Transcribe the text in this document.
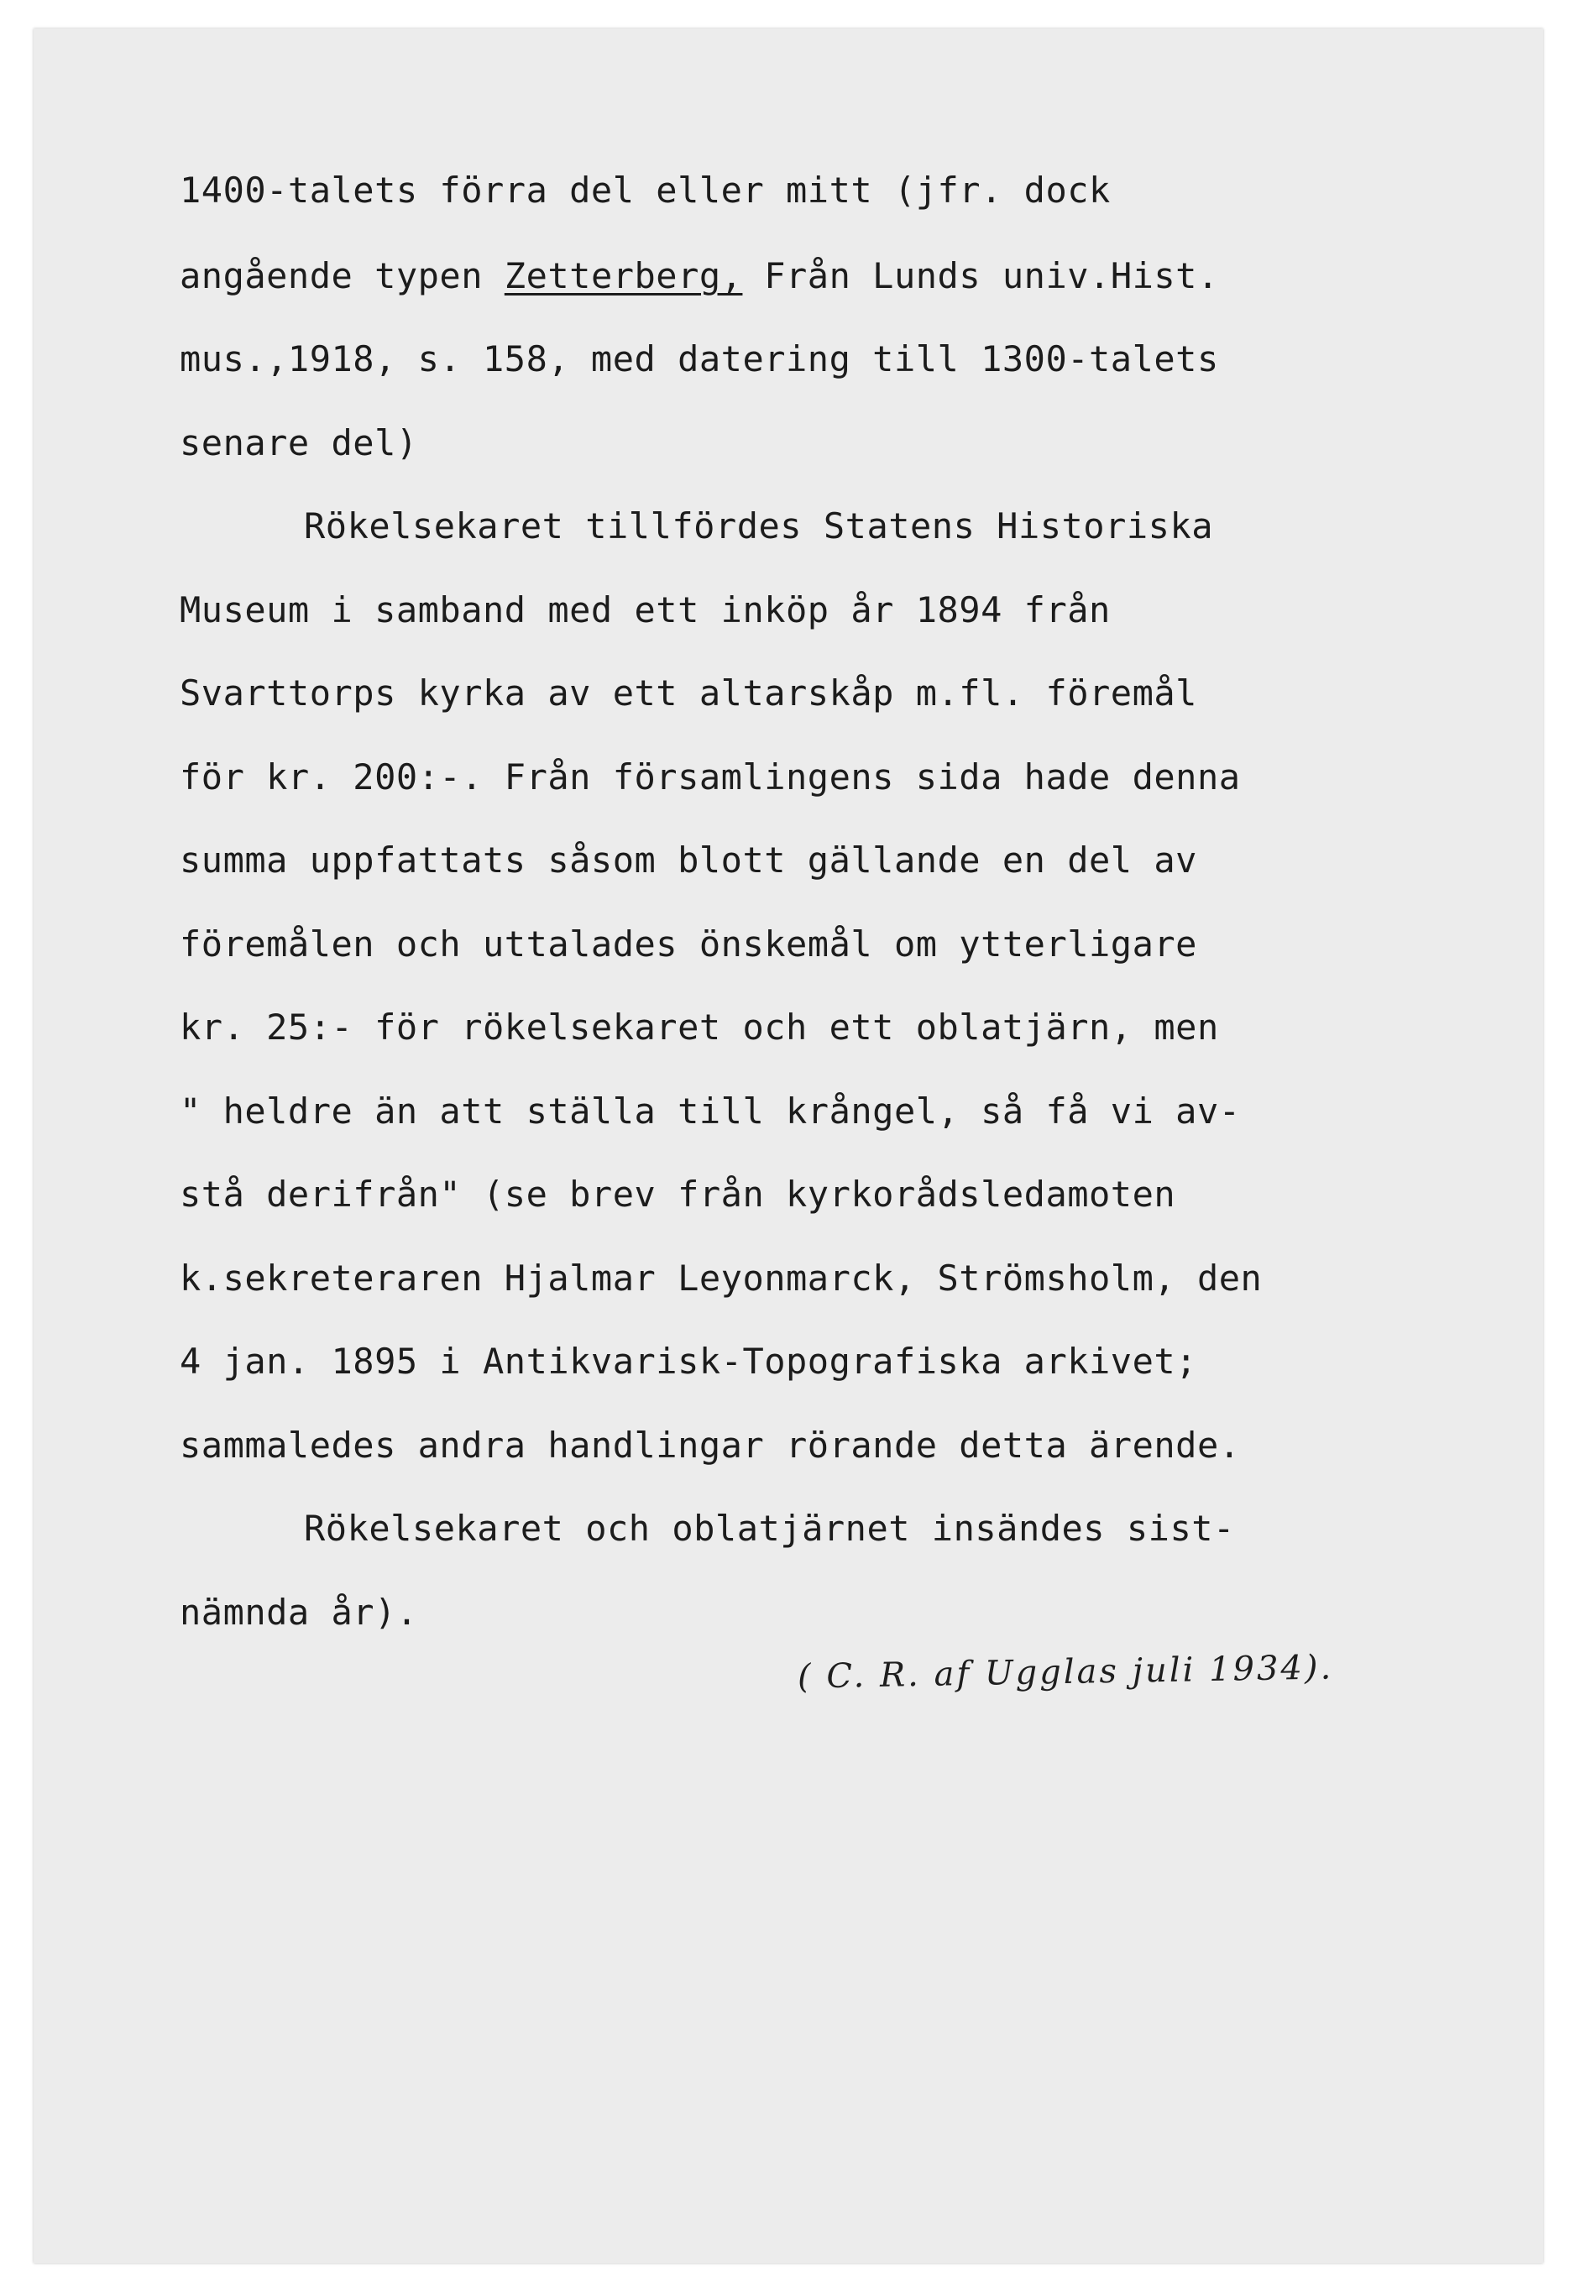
1400-talets förra del eller mitt (jfr. dock
angående typen Zetterberg, Från Lunds univ.Hist.
mus.,1918, s. 158, med datering till 1300-talets
senare del)
Rökelsekaret tillfördes Statens Historiska
Museum i samband med ett inköp år 1894 från
Svarttorps kyrka av ett altarskåp m.fl. föremål
för kr. 200:-. Från församlingens sida hade denna
summa uppfattats såsom blott gällande en del av
föremålen och uttalades önskemål om ytterligare
kr. 25:- för rökelsekaret och ett oblatjärn, men
" heldre än att ställa till krångel, så få vi av-
stå derifrån" (se brev från kyrkorådsledamoten
k.sekreteraren Hjalmar Leyonmarck, Strömsholm, den
4 jan. 1895 i Antikvarisk-Topografiska arkivet;
sammaledes andra handlingar rörande detta ärende.
Rökelsekaret och oblatjärnet insändes sist-
nämnda år).
( C. R. af Ugglas juli 1934).
